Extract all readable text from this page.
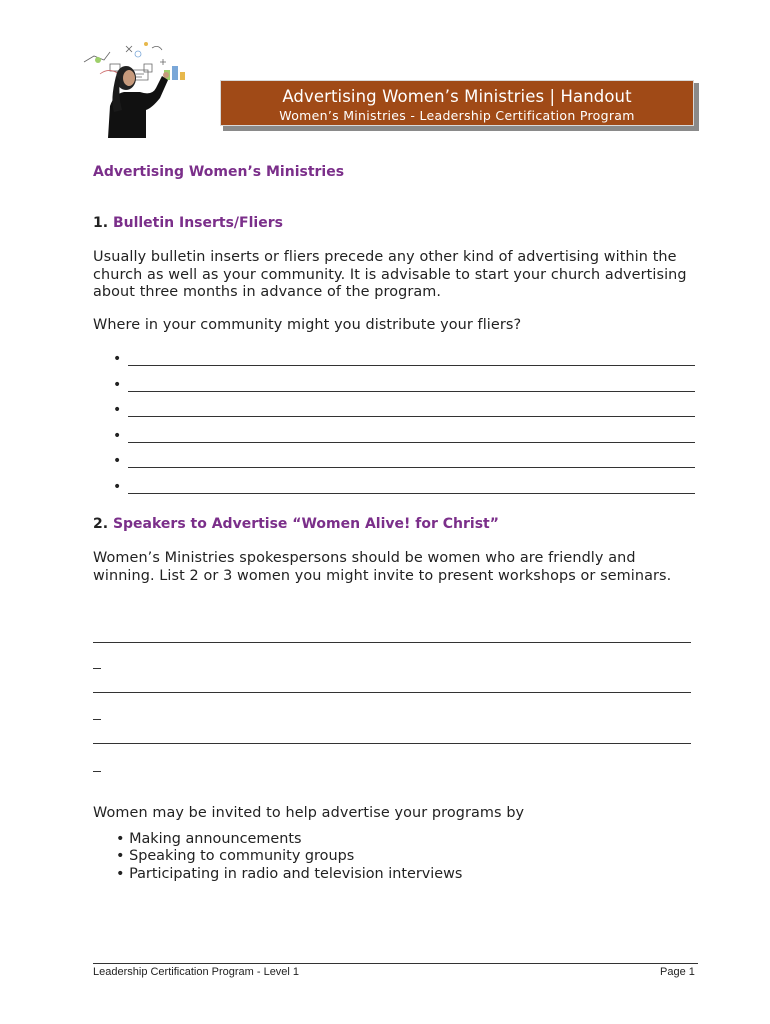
Advertising Women’s Ministries | Handout
Women’s Ministries - Leadership Certification Program
Advertising Women’s Ministries
1. Bulletin Inserts/Fliers
Usually bulletin inserts or fliers precede any other kind of advertising within the church as well as your community. It is advisable to start your church advertising about three months in advance of the program.
Where in your community might you distribute your fliers?
•
•
•
•
•
•
2. Speakers to Advertise “Women Alive! for Christ”
Women’s Ministries spokespersons should be women who are friendly and winning. List 2 or 3 women you might invite to present workshops or seminars.
Women may be invited to help advertise your programs by
• Making announcements
• Speaking to community groups
• Participating in radio and television interviews
Leadership Certification Program - Level 1	Page 1
